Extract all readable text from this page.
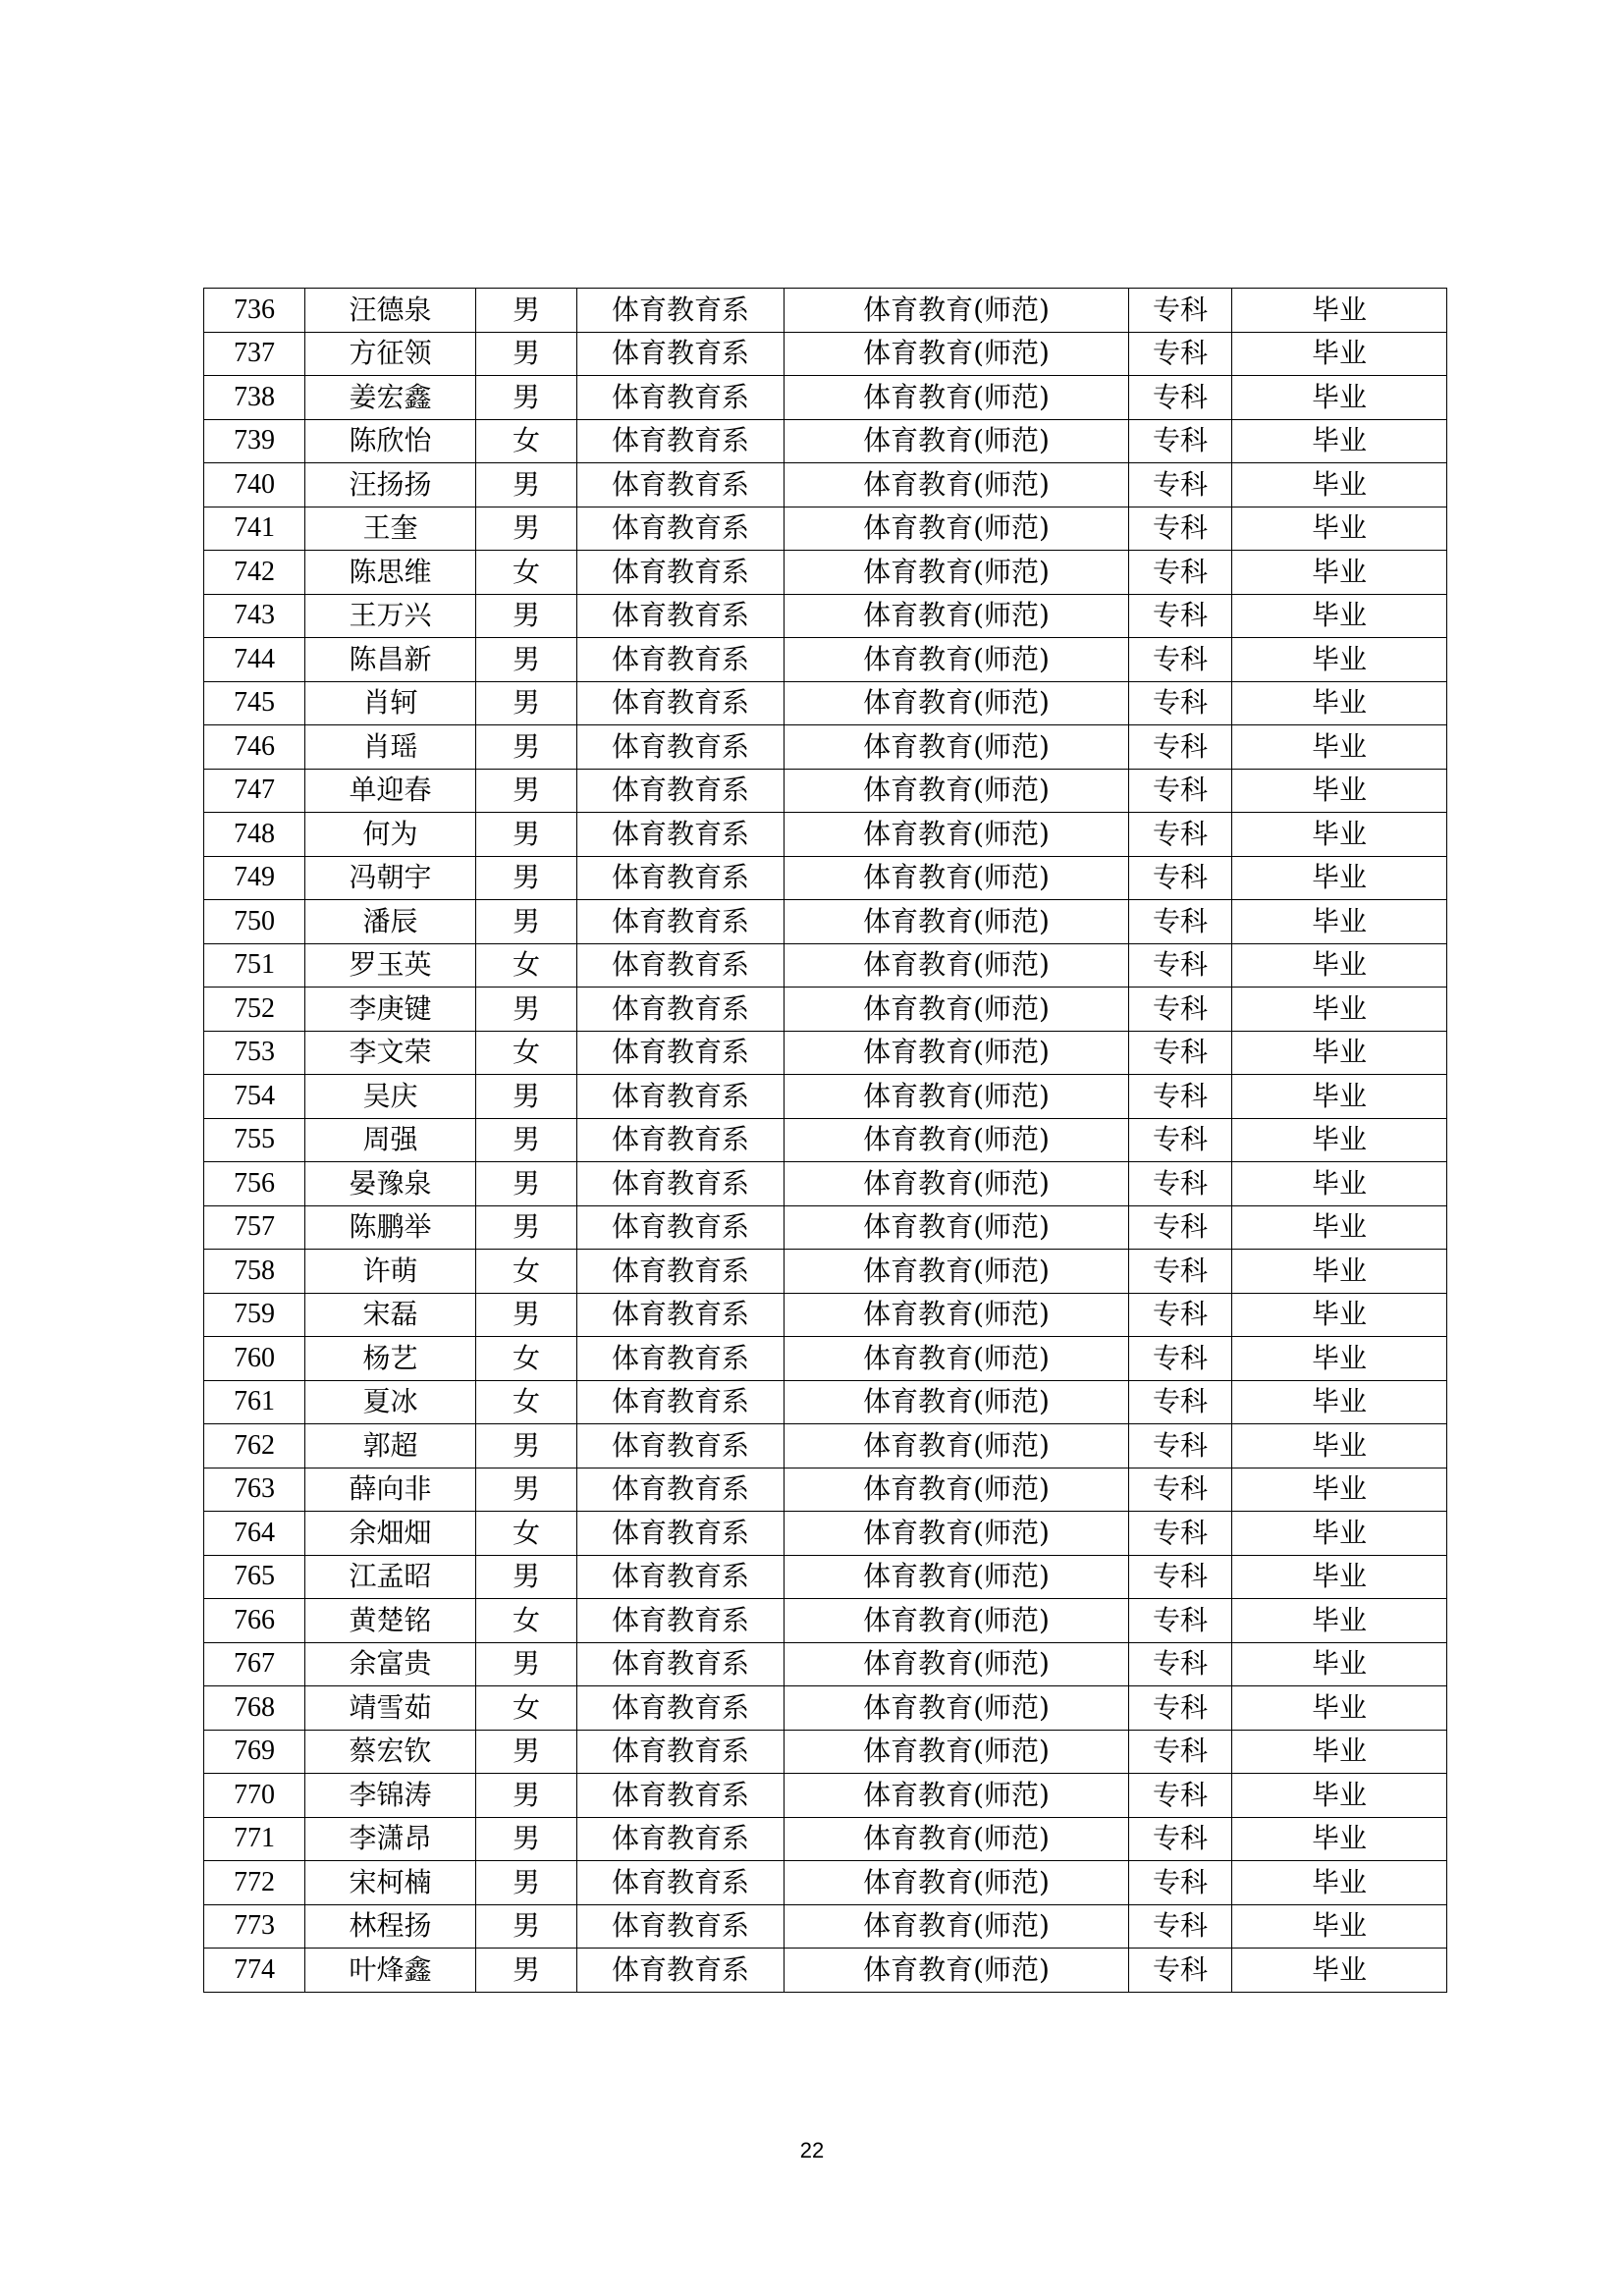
736	汪德泉	男	体育教育系	体育教育(师范)	专科	毕业
737	方征领	男	体育教育系	体育教育(师范)	专科	毕业
738	姜宏鑫	男	体育教育系	体育教育(师范)	专科	毕业
739	陈欣怡	女	体育教育系	体育教育(师范)	专科	毕业
740	汪扬扬	男	体育教育系	体育教育(师范)	专科	毕业
741	王奎	男	体育教育系	体育教育(师范)	专科	毕业
742	陈思维	女	体育教育系	体育教育(师范)	专科	毕业
743	王万兴	男	体育教育系	体育教育(师范)	专科	毕业
744	陈昌新	男	体育教育系	体育教育(师范)	专科	毕业
745	肖轲	男	体育教育系	体育教育(师范)	专科	毕业
746	肖瑶	男	体育教育系	体育教育(师范)	专科	毕业
747	单迎春	男	体育教育系	体育教育(师范)	专科	毕业
748	何为	男	体育教育系	体育教育(师范)	专科	毕业
749	冯朝宇	男	体育教育系	体育教育(师范)	专科	毕业
750	潘辰	男	体育教育系	体育教育(师范)	专科	毕业
751	罗玉英	女	体育教育系	体育教育(师范)	专科	毕业
752	李庚键	男	体育教育系	体育教育(师范)	专科	毕业
753	李文荣	女	体育教育系	体育教育(师范)	专科	毕业
754	吴庆	男	体育教育系	体育教育(师范)	专科	毕业
755	周强	男	体育教育系	体育教育(师范)	专科	毕业
756	晏豫泉	男	体育教育系	体育教育(师范)	专科	毕业
757	陈鹏举	男	体育教育系	体育教育(师范)	专科	毕业
758	许萌	女	体育教育系	体育教育(师范)	专科	毕业
759	宋磊	男	体育教育系	体育教育(师范)	专科	毕业
760	杨艺	女	体育教育系	体育教育(师范)	专科	毕业
761	夏冰	女	体育教育系	体育教育(师范)	专科	毕业
762	郭超	男	体育教育系	体育教育(师范)	专科	毕业
763	薛向非	男	体育教育系	体育教育(师范)	专科	毕业
764	余畑畑	女	体育教育系	体育教育(师范)	专科	毕业
765	江孟昭	男	体育教育系	体育教育(师范)	专科	毕业
766	黄楚铭	女	体育教育系	体育教育(师范)	专科	毕业
767	余富贵	男	体育教育系	体育教育(师范)	专科	毕业
768	靖雪茹	女	体育教育系	体育教育(师范)	专科	毕业
769	蔡宏钦	男	体育教育系	体育教育(师范)	专科	毕业
770	李锦涛	男	体育教育系	体育教育(师范)	专科	毕业
771	李潇昂	男	体育教育系	体育教育(师范)	专科	毕业
772	宋柯楠	男	体育教育系	体育教育(师范)	专科	毕业
773	林程扬	男	体育教育系	体育教育(师范)	专科	毕业
774	叶烽鑫	男	体育教育系	体育教育(师范)	专科	毕业
22
